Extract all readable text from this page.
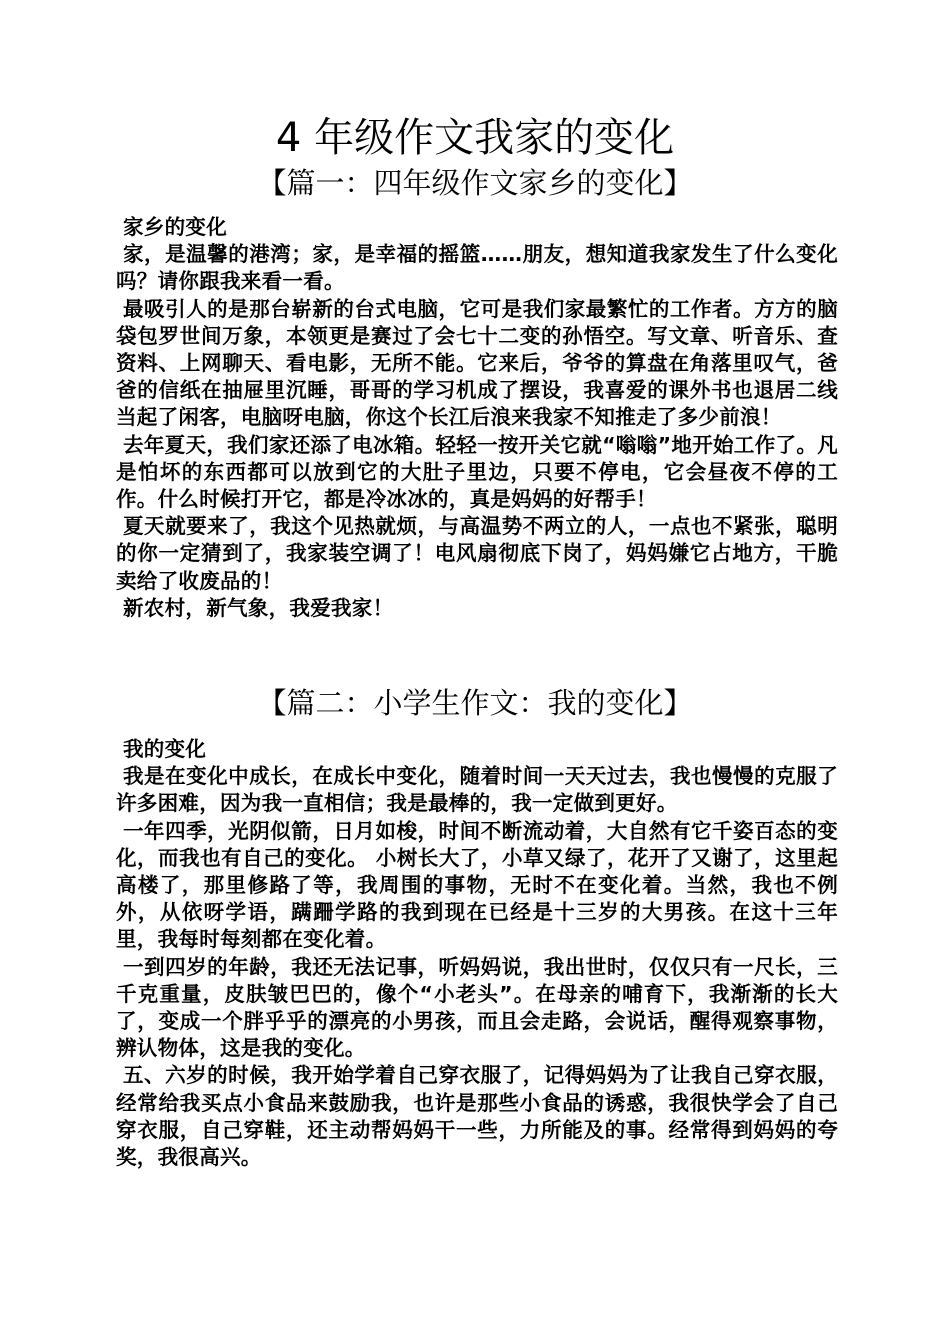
4 年级作文我家的变化
【篇一：四年级作文家乡的变化】

家乡的变化

家，是温馨的港湾；家，是幸福的摇篮……朋友，想知道我家发生了什么变化吗？请你跟我来看一看。

最吸引人的是那台崭新的台式电脑，它可是我们家最繁忙的工作者。方方的脑袋包罗世间万象，本领更是赛过了会七十二变的孙悟空。写文章、听音乐、查资料、上网聊天、看电影，无所不能。它来后，爷爷的算盘在角落里叹气，爸爸的信纸在抽屉里沉睡，哥哥的学习机成了摆设，我喜爱的课外书也退居二线当起了闲客，电脑呀电脑，你这个长江后浪来我家不知推走了多少前浪！

去年夏天，我们家还添了电冰箱。轻轻一按开关它就“嗡嗡”地开始工作了。凡是怕坏的东西都可以放到它的大肚子里边，只要不停电，它会昼夜不停的工作。什么时候打开它，都是冷冰冰的，真是妈妈的好帮手！

夏天就要来了，我这个见热就烦，与高温势不两立的人，一点也不紧张，聪明的你一定猜到了，我家装空调了！电风扇彻底下岗了，妈妈嫌它占地方，干脆卖给了收废品的！

新农村，新气象，我爱我家！

【篇二：小学生作文：我的变化】

我的变化

我是在变化中成长，在成长中变化，随着时间一天天过去，我也慢慢的克服了许多困难，因为我一直相信；我是最棒的，我一定做到更好。

一年四季，光阴似箭，日月如梭，时间不断流动着，大自然有它千姿百态的变化，而我也有自己的变化。 小树长大了，小草又绿了，花开了又谢了，这里起高楼了，那里修路了等，我周围的事物，无时不在变化着。当然，我也不例外，从依呀学语，蹒跚学路的我到现在已经是十三岁的大男孩。在这十三年里，我每时每刻都在变化着。

一到四岁的年龄，我还无法记事，听妈妈说，我出世时，仅仅只有一尺长，三千克重量，皮肤皱巴巴的，像个“小老头”。在母亲的哺育下，我渐渐的长大了，变成一个胖乎乎的漂亮的小男孩，而且会走路，会说话，醒得观察事物，辨认物体，这是我的变化。

五、六岁的时候，我开始学着自己穿衣服了，记得妈妈为了让我自己穿衣服，经常给我买点小食品来鼓励我，也许是那些小食品的诱惑，我很快学会了自己穿衣服，自己穿鞋，还主动帮妈妈干一些，力所能及的事。经常得到妈妈的夸奖，我很高兴。
